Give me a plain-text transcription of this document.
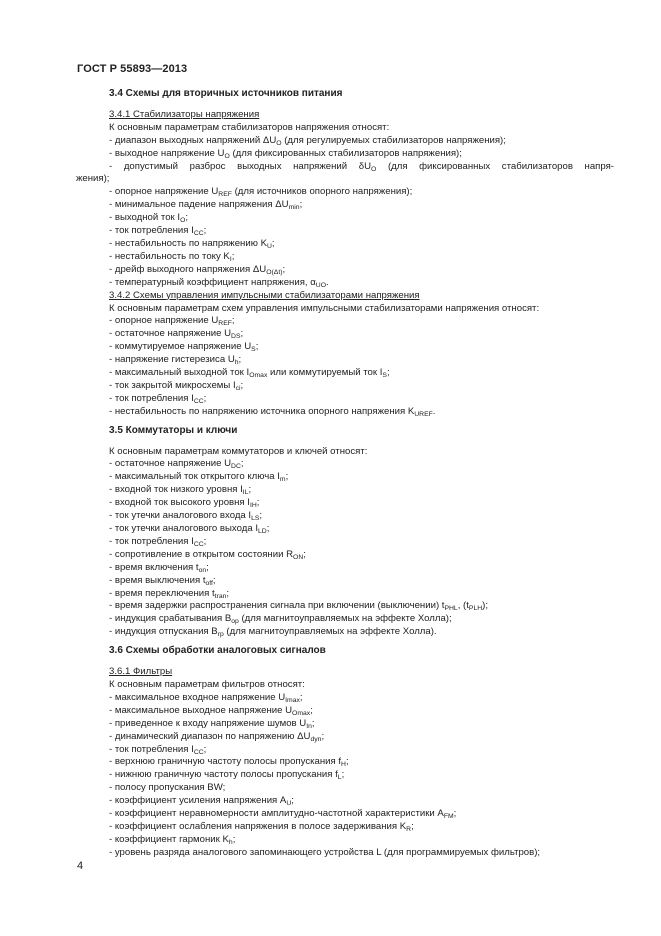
ГОСТ Р 55893—2013

3.4 Схемы для вторичных источников питания

3.4.1 Стабилизаторы напряжения

К основным параметрам стабилизаторов напряжения относят:

- диапазон выходных напряжений $\Delta U_O$ (для регулируемых стабилизаторов напряжения);

- выходное напряжение $U_O$ (для фиксированных стабилизаторов напряжения);

- допустимый разброс выходных напряжений $\delta U_O$ (для фиксированных стабилизаторов напря-

жения);

- опорное напряжение $U_{REF}$ (для источников опорного напряжения);

- минимальное падение напряжения $\Delta U_{min}$;

- выходной ток $I_O$;

- ток потребления $I_{CC}$;

- нестабильность по напряжению $K_U$;

- нестабильность по току $K_I$;

- дрейф выходного напряжения $\Delta U_{O(\Delta t)}$;

- температурный коэффициент напряжения, $\alpha_{UO}$.

3.4.2 Схемы управления импульсными стабилизаторами напряжения

К основным параметрам схем управления импульсными стабилизаторами напряжения относят:

- опорное напряжение $U_{REF}$;

- остаточное напряжение $U_{DS}$;

- коммутируемое напряжение $U_S$;

- напряжение гистерезиса $U_h$;

- максимальный выходной ток $I_{Omax}$ или коммутируемый ток $I_S$;

- ток закрытой микросхемы $I_{ci}$;

- ток потребления $I_{CC}$;

- нестабильность по напряжению источника опорного напряжения $K_{UREF}$.

3.5 Коммутаторы и ключи

К основным параметрам коммутаторов и ключей относят:

- остаточное напряжение $U_{DC}$;

- максимальный ток открытого ключа $I_m$;

- входной ток низкого уровня $I_{IL}$;

- входной ток высокого уровня $I_{IH}$;

- ток утечки аналогового входа $I_{LS}$;

- ток утечки аналогового выхода $I_{LD}$;

- ток потребления $I_{CC}$;

- сопротивление в открытом состоянии $R_{ON}$;

- время включения $t_{on}$;

- время выключения $t_{off}$;

- время переключения $t_{tran}$;

- время задержки распространения сигнала при включении (выключении) $t_{PHL}$, $(t_{PLH})$;

- индукция срабатывания $B_{op}$ (для магнитоуправляемых на эффекте Холла);

- индукция отпускания $B_{rp}$ (для магнитоуправляемых на эффекте Холла).

3.6 Схемы обработки аналоговых сигналов

3.6.1 Фильтры

К основным параметрам фильтров относят:

- максимальное входное напряжение $U_{Imax}$;

- максимальное выходное напряжение $U_{Omax}$;

- приведенное к входу напряжение шумов $U_{In}$;

- динамический диапазон по напряжению $\Delta U_{dyn}$;

- ток потребления $I_{CC}$;

- верхнюю граничную частоту полосы пропускания $f_H$;

- нижнюю граничную частоту полосы пропускания $f_L$;

- полосу пропускания BW;

- коэффициент усиления напряжения $A_U$;

- коэффициент неравномерности амплитудно-частотной характеристики $A_{FM}$;

- коэффициент ослабления напряжения в полосе задерживания $K_R$;

- коэффициент гармоник $K_h$;

- уровень разряда аналогового запоминающего устройства L (для программируемых фильтров);

4
